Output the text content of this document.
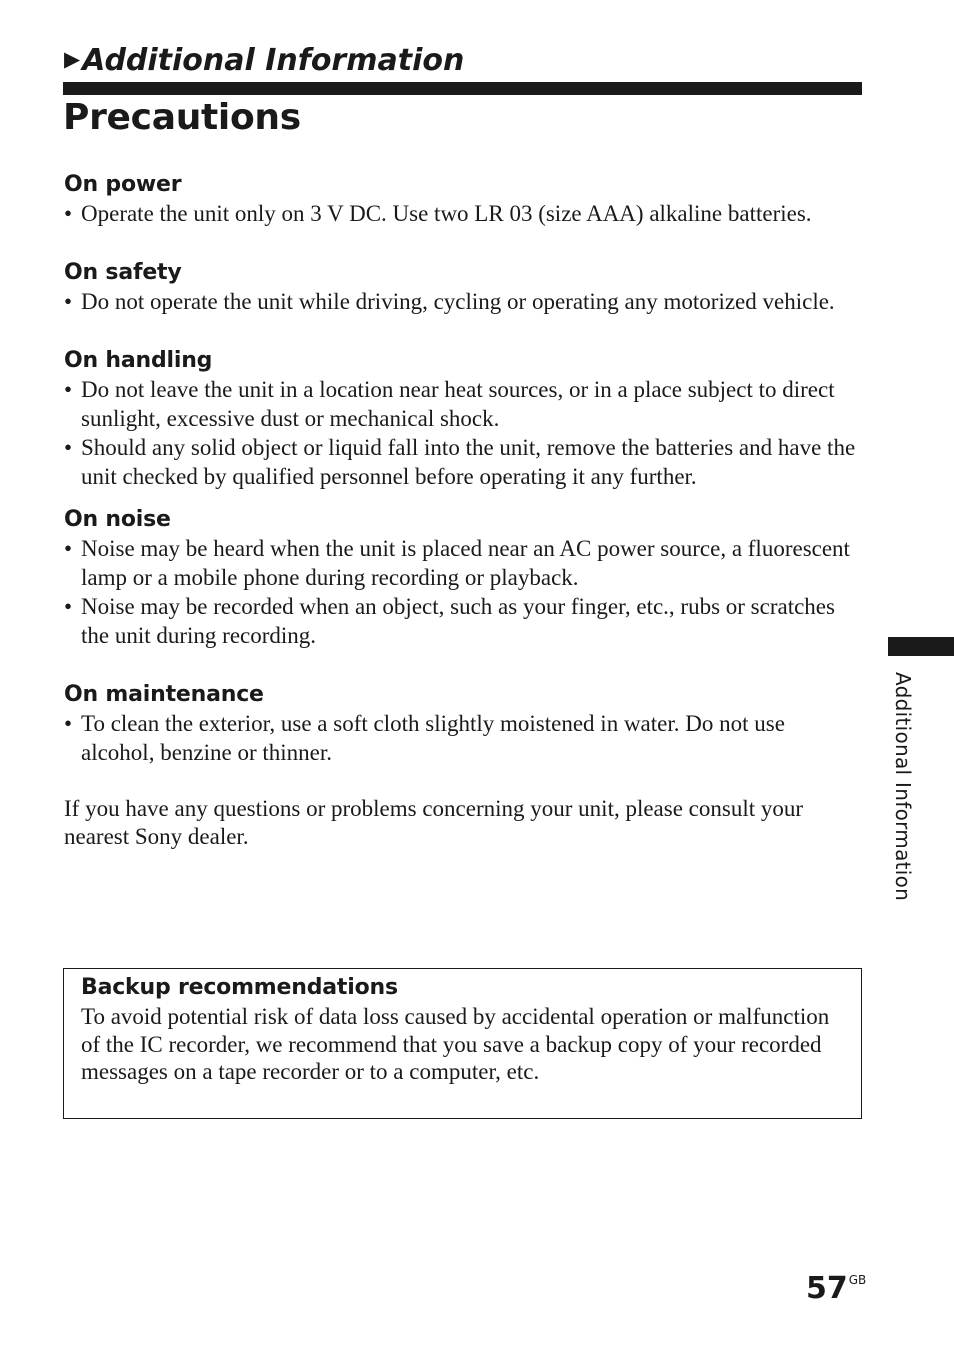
▶Additional Information
Precautions
On power
• Operate the unit only on 3 V DC. Use two LR 03 (size AAA) alkaline batteries.
On safety
• Do not operate the unit while driving, cycling or operating any motorized vehicle.
On handling
• Do not leave the unit in a location near heat sources, or in a place subject to direct sunlight, excessive dust or mechanical shock.
• Should any solid object or liquid fall into the unit, remove the batteries and have the unit checked by qualified personnel before operating it any further.
On noise
• Noise may be heard when the unit is placed near an AC power source, a fluorescent lamp or a mobile phone during recording or playback.
• Noise may be recorded when an object, such as your finger, etc., rubs or scratches the unit during recording.
On maintenance
• To clean the exterior, use a soft cloth slightly moistened in water. Do not use alcohol, benzine or thinner.

If you have any questions or problems concerning your unit, please consult your nearest Sony dealer.

Backup recommendations
To avoid potential risk of data loss caused by accidental operation or malfunction of the IC recorder, we recommend that you save a backup copy of your recorded messages on a tape recorder or to a computer, etc.
Additional Information
$57^{GB}$
